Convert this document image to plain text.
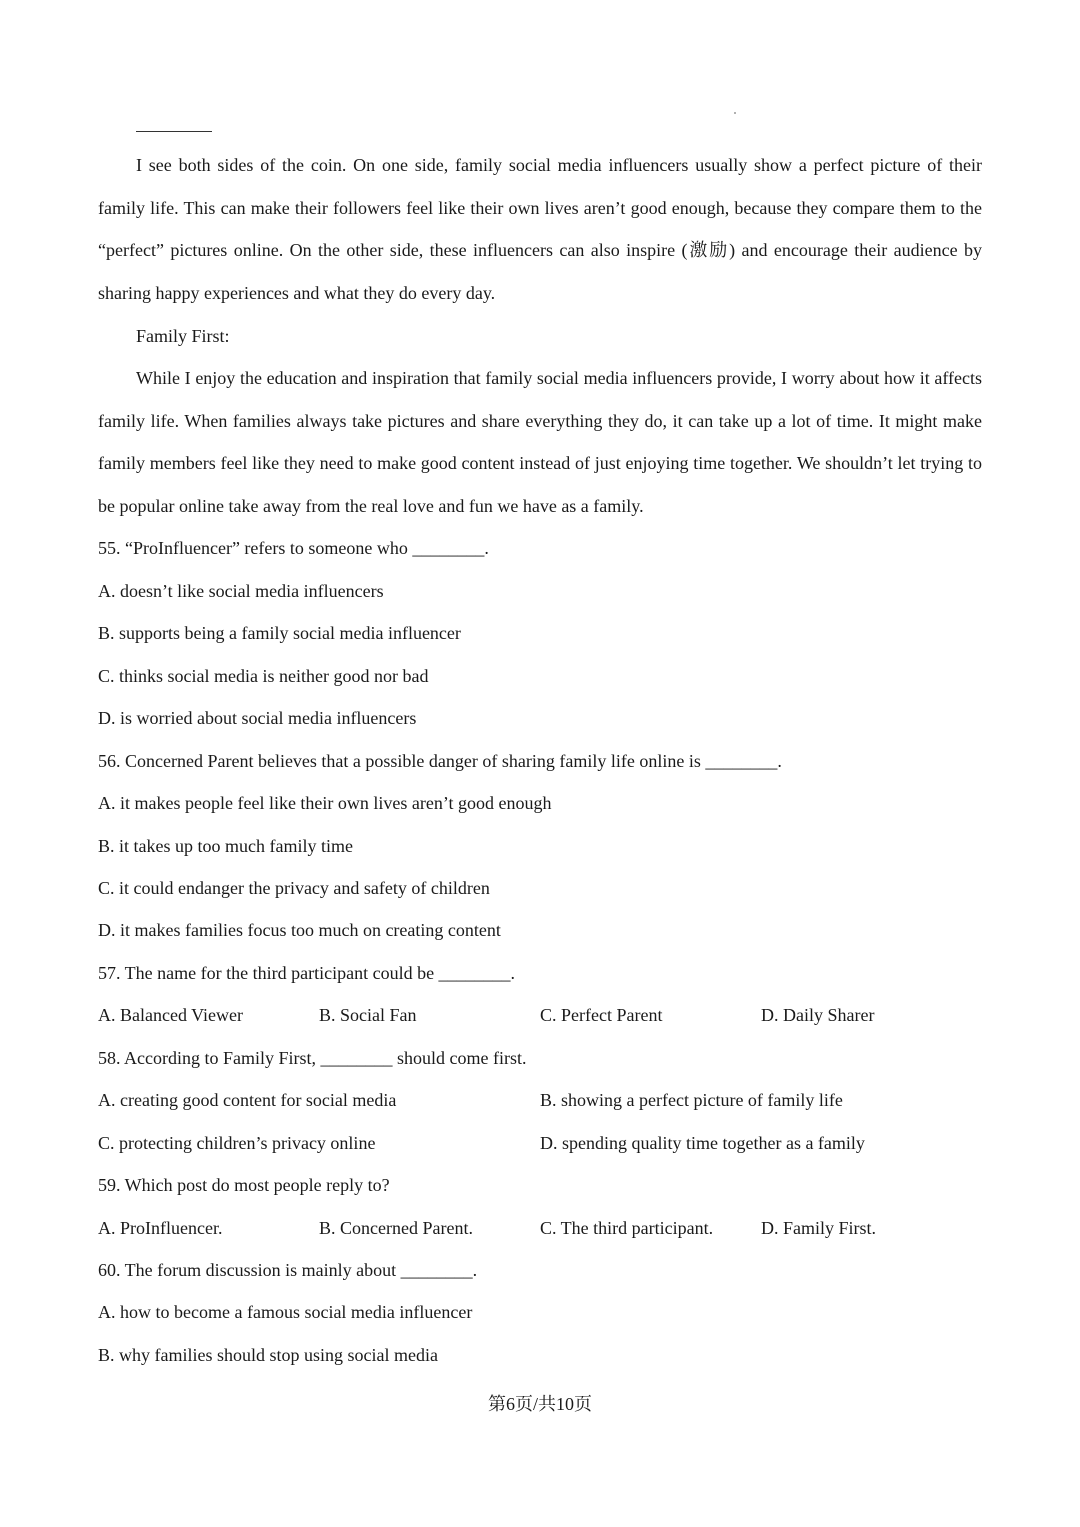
I see both sides of the coin. On one side, family social media influencers usually show a perfect picture of their family life. This can make their followers feel like their own lives aren’t good enough, because they compare them to the “perfect” pictures online. On the other side, these influencers can also inspire (激励) and encourage their audience by sharing happy experiences and what they do every day.

Family First:

While I enjoy the education and inspiration that family social media influencers provide, I worry about how it affects family life. When families always take pictures and share everything they do, it can take up a lot of time. It might make family members feel like they need to make good content instead of just enjoying time together. We shouldn’t let trying to be popular online take away from the real love and fun we have as a family.

55. “ProInfluencer” refers to someone who ________.

A. doesn’t like social media influencers

B. supports being a family social media influencer

C. thinks social media is neither good nor bad

D. is worried about social media influencers

56. Concerned Parent believes that a possible danger of sharing family life online is ________.

A. it makes people feel like their own lives aren’t good enough

B. it takes up too much family time

C. it could endanger the privacy and safety of children

D. it makes families focus too much on creating content

57. The name for the third participant could be ________.

A. Balanced Viewer	B. Social Fan	C. Perfect Parent	D. Daily Sharer

58. According to Family First, ________ should come first.

A. creating good content for social media	B. showing a perfect picture of family life
C. protecting children’s privacy online	D. spending quality time together as a family

59. Which post do most people reply to?

A. ProInfluencer.	B. Concerned Parent.	C. The third participant.	D. Family First.

60. The forum discussion is mainly about ________.

A. how to become a famous social media influencer

B. why families should stop using social media

第6页/共10页
